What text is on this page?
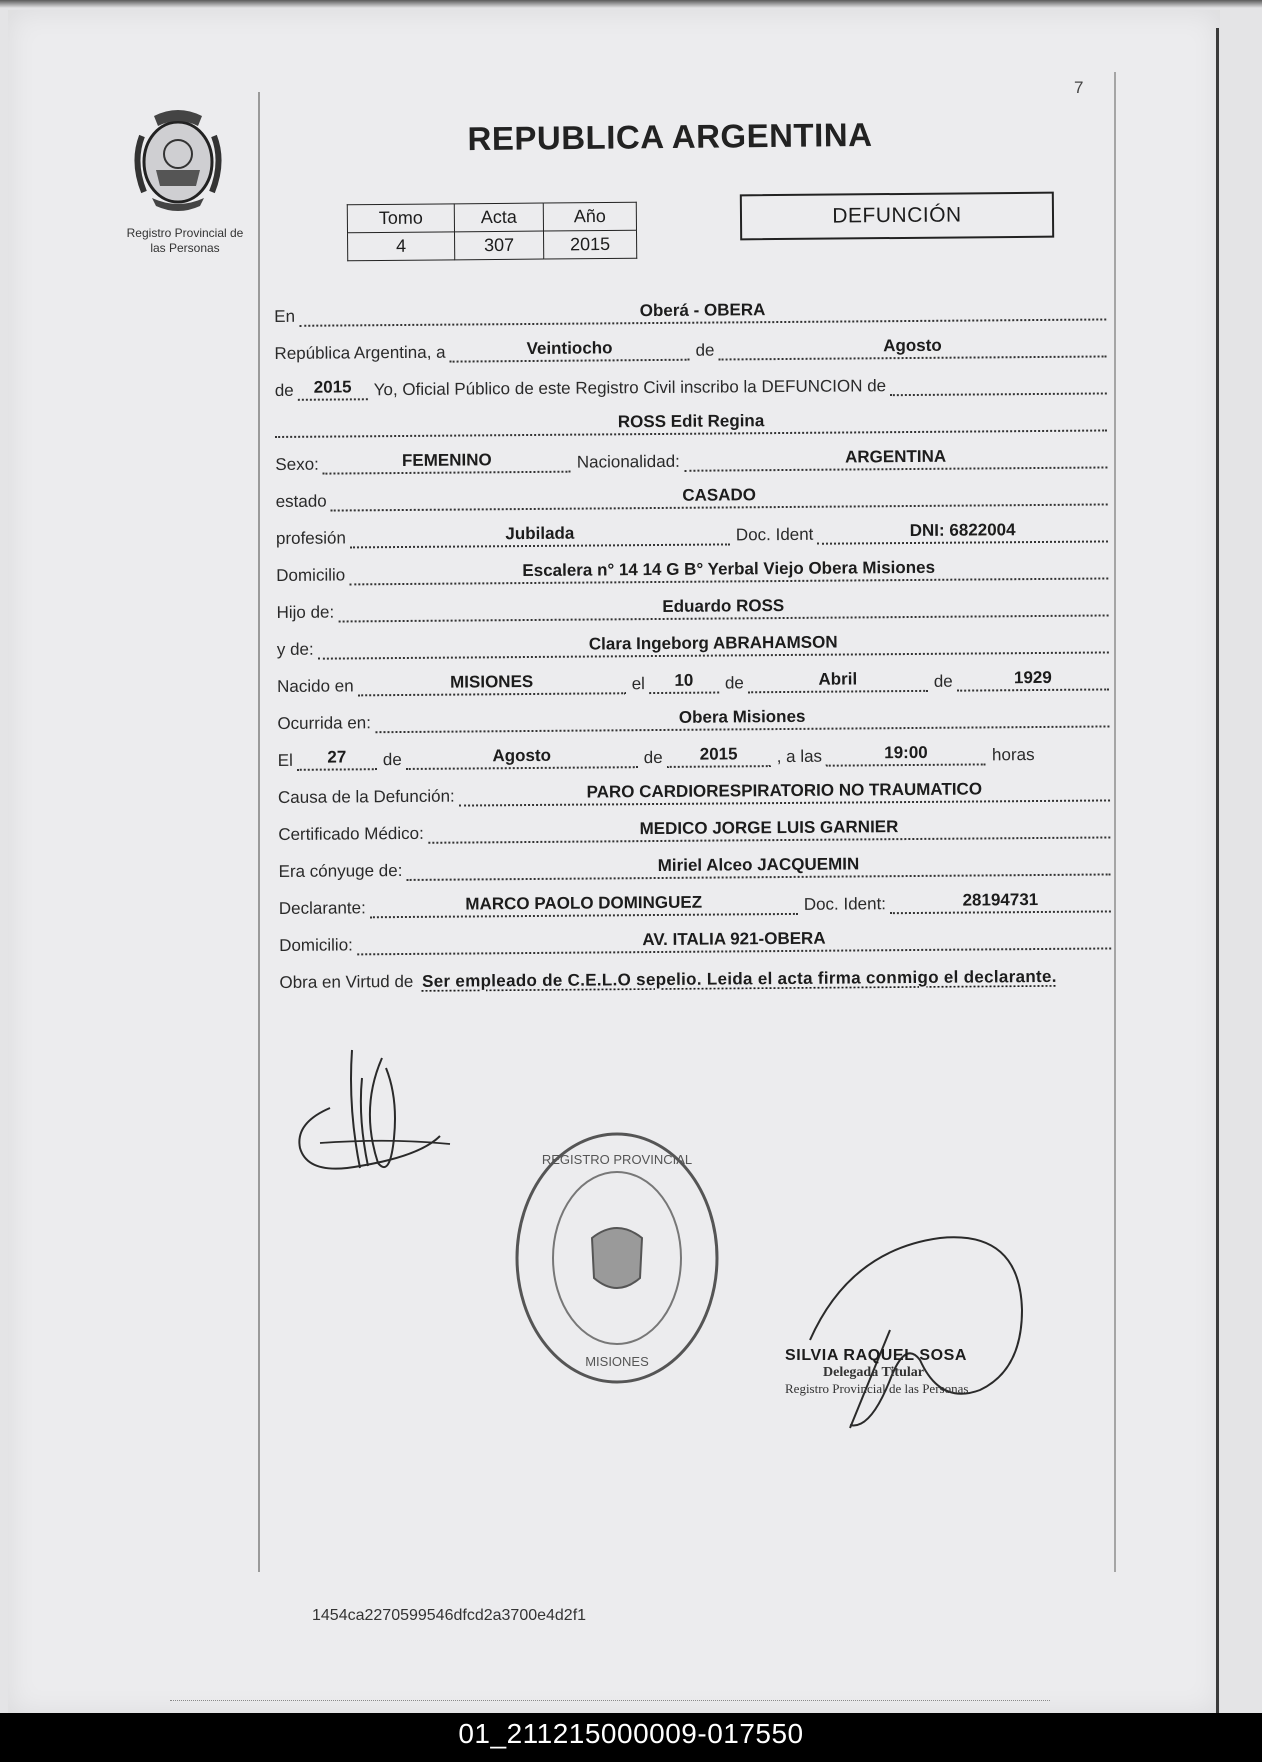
7
Registro Provincial de
las Personas
REPUBLICA ARGENTINA
Tomo	Acta	Año
4	307	2015
DEFUNCIÓN
En	Oberá - OBERA
República Argentina, a	Veintiocho	de	Agosto
de	2015	Yo, Oficial Público de este Registro Civil inscribo la DEFUNCION de
ROSS Edit Regina
Sexo:	FEMENINO	Nacionalidad:	ARGENTINA
estado	CASADO
profesión	Jubilada	Doc. Ident	DNI: 6822004
Domicilio	Escalera n° 14 14 G B° Yerbal Viejo Obera Misiones
Hijo de:	Eduardo ROSS
y de:	Clara Ingeborg ABRAHAMSON
Nacido en	MISIONES	el	10	de	Abril	de	1929
Ocurrida en:	Obera Misiones
El	27	de	Agosto	de	2015	, a las	19:00	horas
Causa de la Defunción:	PARO CARDIORESPIRATORIO NO TRAUMATICO
Certificado Médico:	MEDICO JORGE LUIS GARNIER
Era cónyuge de:	Miriel Alceo JACQUEMIN
Declarante:	MARCO PAOLO DOMINGUEZ	Doc. Ident:	28194731
Domicilio:	AV. ITALIA 921-OBERA
Obra en Virtud de Ser empleado de C.E.L.O sepelio. Leida el acta firma conmigo el declarante.
REGISTRO PROVINCIAL
MISIONES	SILVIA RAQUEL SOSA
Delegada Titular
Registro Provincial de las Personas
1454ca2270599546dfcd2a3700e4d2f1
01_211215000009-017550
